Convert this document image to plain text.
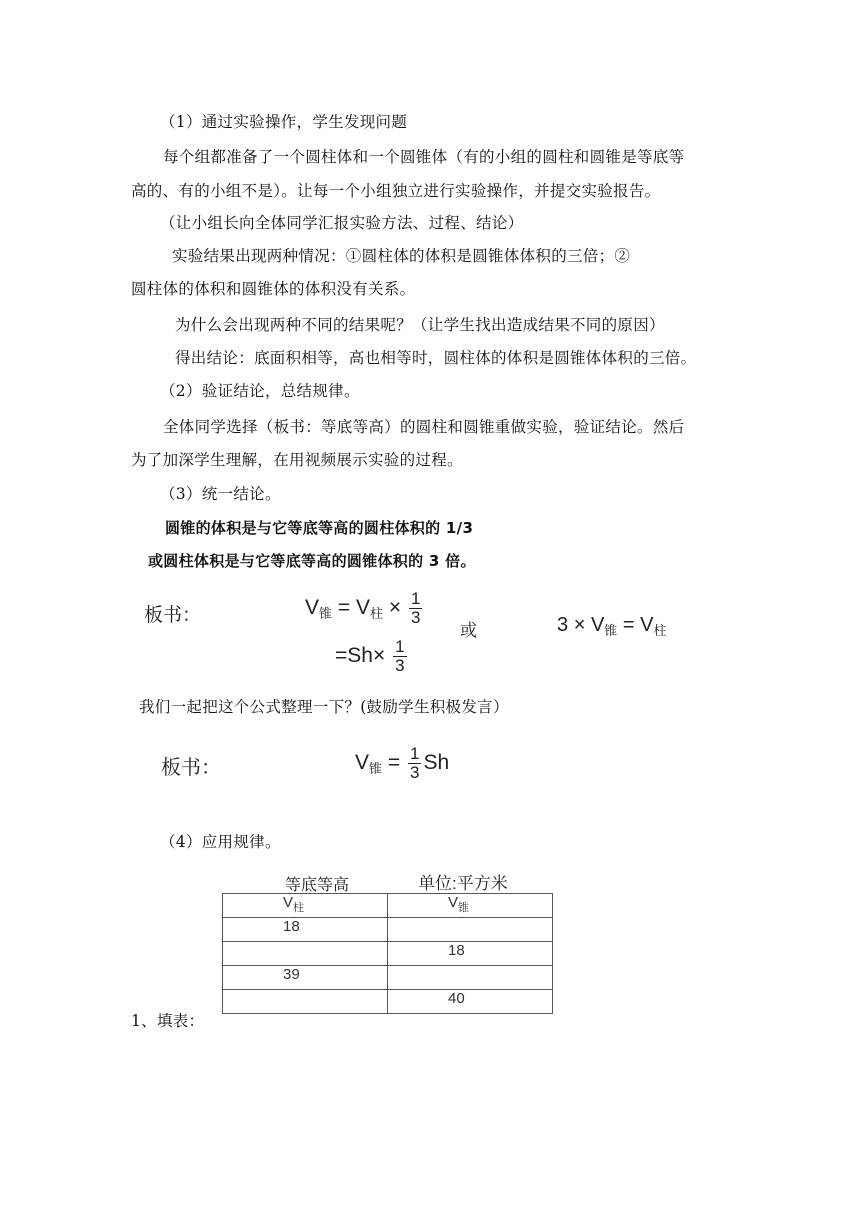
（1）通过实验操作，学生发现问题
每个组都准备了一个圆柱体和一个圆锥体（有的小组的圆柱和圆锥是等底等
高的、有的小组不是）。让每一个小组独立进行实验操作，并提交实验报告。
（让小组长向全体同学汇报实验方法、过程、结论）
实验结果出现两种情况：①圆柱体的体积是圆锥体体积的三倍；②
圆柱体的体积和圆锥体的体积没有关系。
为什么会出现两种不同的结果呢？（让学生找出造成结果不同的原因）
得出结论：底面积相等，高也相等时，圆柱体的体积是圆锥体体积的三倍。
（2）验证结论，总结规律。
全体同学选择（板书：等底等高）的圆柱和圆锥重做实验，验证结论。然后
为了加深学生理解，在用视频展示实验的过程。
（3）统一结论。
圆锥的体积是与它等底等高的圆柱体积的 1/3
或圆柱体积是与它等底等高的圆锥体积的 3 倍。
板书：	$V_锥 = V_柱 \times \frac{1}{3}$
$=Sh\times \frac{1}{3}$
或	$3 \times V_锥 = V_柱$
我们一起把这个公式整理一下？(鼓励学生积极发言）
板书：	$V_锥 = \frac{1}{3}$ Sh
（4）应用规律。
等底等高	单位:平方米
$V_柱$	$V_锥$
18	
	18
39	
	40
1、填表：
